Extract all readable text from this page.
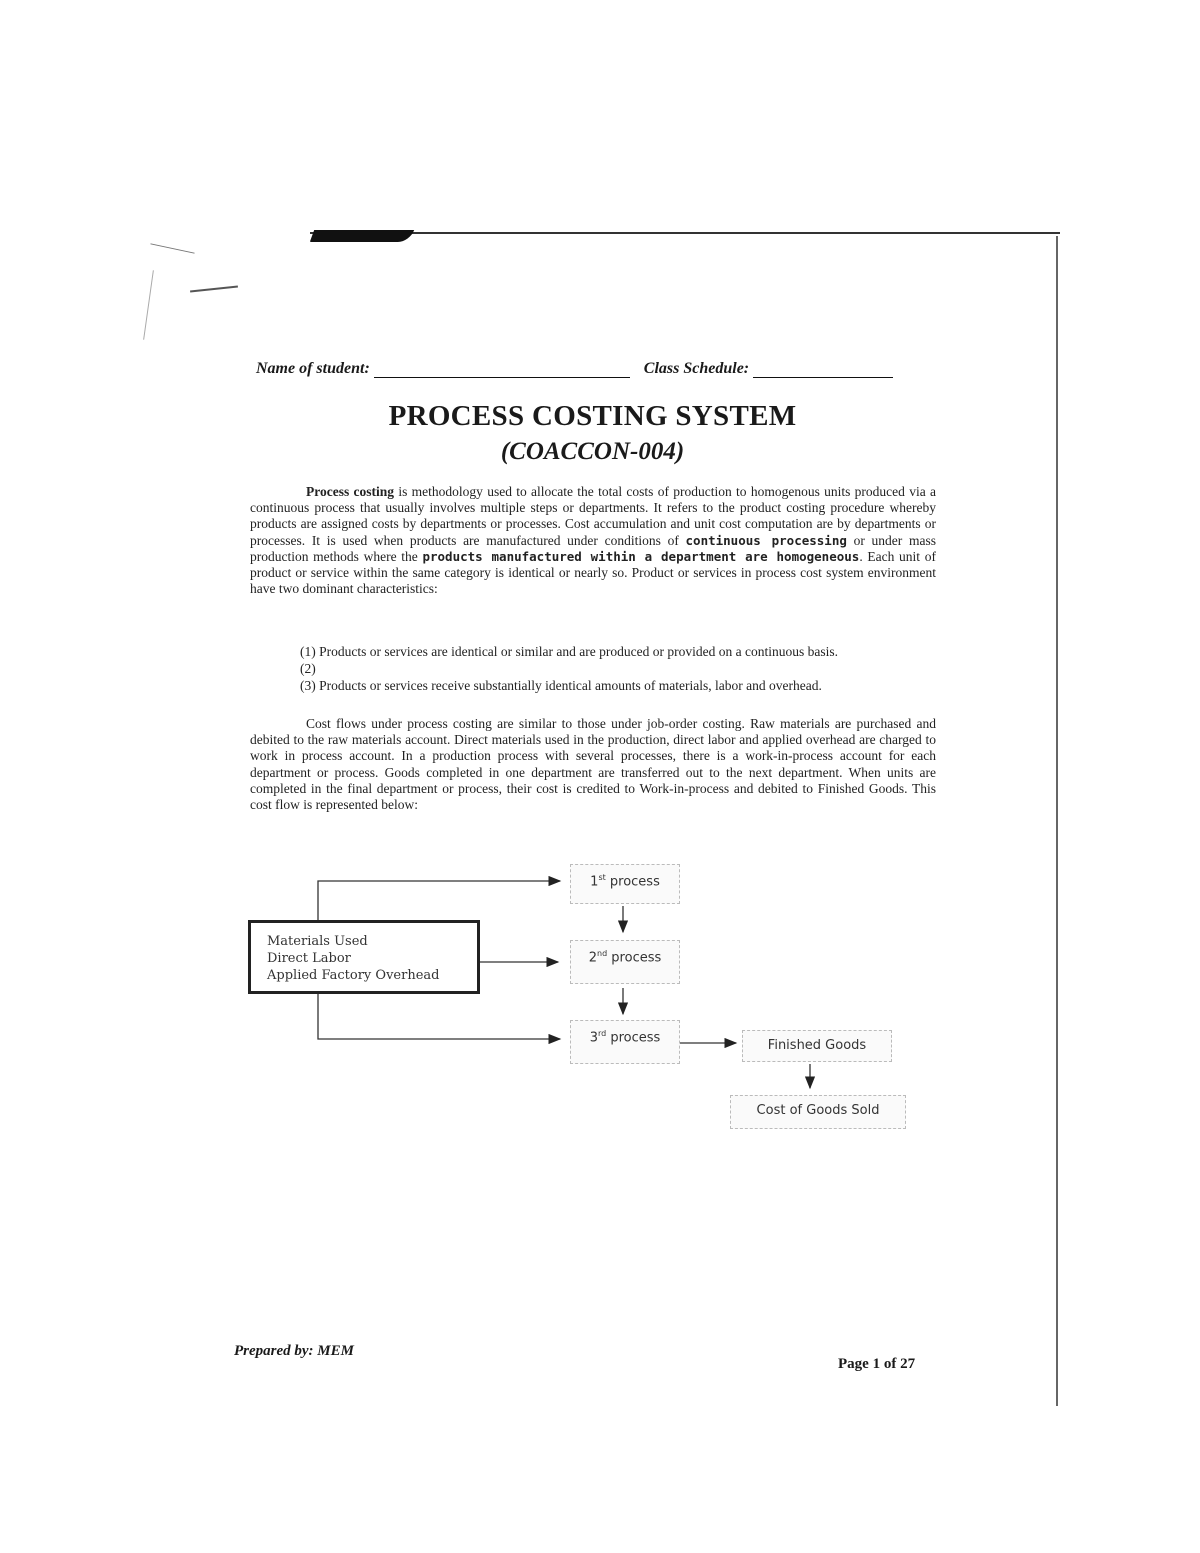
Name of student:	Class Schedule:
PROCESS COSTING SYSTEM
(COACCON-004)
Process costing is methodology used to allocate the total costs of production to homogenous units produced via a continuous process that usually involves multiple steps or departments. It refers to the product costing procedure whereby products are assigned costs by departments or processes. Cost accumulation and unit cost computation are by departments or processes. It is used when products are manufactured under conditions of continuous processing or under mass production methods where the products manufactured within a department are homogeneous. Each unit of product or service within the same category is identical or nearly so. Product or services in process cost system environment have two dominant characteristics:
(1) Products or services are identical or similar and are produced or provided on a continuous basis.
(2)
(3) Products or services receive substantially identical amounts of materials, labor and overhead.
Cost flows under process costing are similar to those under job-order costing. Raw materials are purchased and debited to the raw materials account. Direct materials used in the production, direct labor and applied overhead are charged to work in process account. In a production process with several processes, there is a work-in-process account for each department or process. Goods completed in one department are transferred out to the next department. When units are completed in the final department or process, their cost is credited to Work-in-process and debited to Finished Goods. This cost flow is represented below:
Materials Used
Direct Labor
Applied Factory Overhead
1st process
2nd process
3rd process
Finished Goods
Cost of Goods Sold
Prepared by: MEM
Page 1 of 27
